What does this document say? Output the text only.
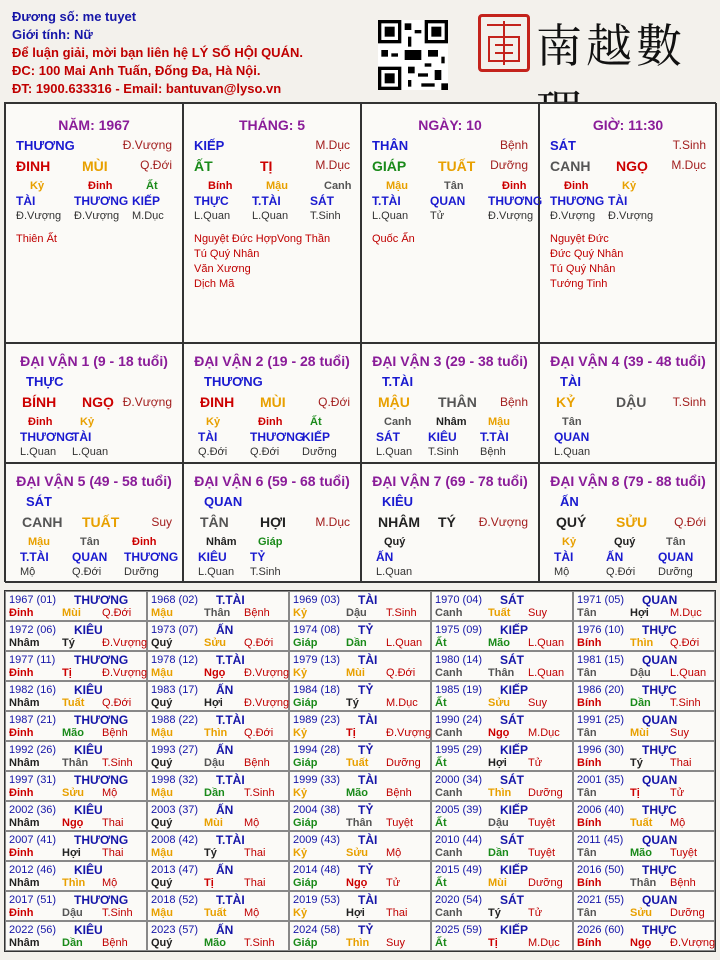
Đương số: me tuyet
Giới tính: Nữ
Để luận giải, mời bạn liên hệ LÝ SỐ HỘI QUÁN.
ĐC: 100 Mai Anh Tuấn, Đống Đa, Hà Nội.
ĐT: 1900.633316 - Email: bantuvan@lyso.vn
南越數
NĂM: 1967
THƯƠNG	Đ.Vượng
ĐINH MÙI	Q.Đới
Kỷ
TÀI
Đ.Vượng
Đinh
THƯƠNG
Đ.Vượng
Ất
KIẾP
M.Dục
Thiên Ất
THÁNG: 5
KIẾP	M.Dục
ẤT	TỊ	M.Dục
Bính
THỰC
L.Quan
Mậu
T.TÀI
L.Quan
Canh
SÁT
T.Sinh
Nguyệt Đức HợpVong Thần
Tú Quý Nhân
Văn Xương
Dịch Mã
NGÀY: 10
THÂN	Bệnh
GIÁP TUẤT Dưỡng
Mậu
T.TÀI
L.Quan
Tân
QUAN
Tử
Đinh
THƯƠNG
Đ.Vượng
Quốc Ấn
GIỜ: 11:30
SÁT	T.Sinh
CANH NGỌ M.Dục
Đinh
THƯƠNG
Đ.Vượng
Kỷ
TÀI
Đ.Vượng
Nguyệt Đức
Đức Quý Nhân
Tú Quý Nhân
Tướng Tinh
ĐẠI VẬN 1 (9 - 18 tuổi)
THỰC
BÍNH NGỌ Đ.Vượng
Đinh
THƯƠNG
L.Quan
Kỷ
TÀI
L.Quan
ĐẠI VẬN 2 (19 - 28 tuổi)
THƯƠNG
ĐINH MÙI	Q.Đới
Kỷ
TÀI
Q.Đới
Đinh
THƯƠNG
Q.Đới
Ất
KIẾP
Dưỡng
ĐẠI VẬN 3 (29 - 38 tuổi)
T.TÀI
MẬU THÂN Bệnh
Canh
SÁT
L.Quan
Nhâm
KIÊU
T.Sinh
Mậu
T.TÀI
Bệnh
ĐẠI VẬN 4 (39 - 48 tuổi)
TÀI
KỶ	DẬU T.Sinh
Tân
QUAN
L.Quan
ĐẠI VẬN 5 (49 - 58 tuổi)
SÁT
CANH TUẤT	Suy
Mậu
T.TÀI
Mộ
Tân
QUAN
Q.Đới
Đinh
THƯƠNG
Dưỡng
ĐẠI VẬN 6 (59 - 68 tuổi)
QUAN
TÂN HỢI M.Dục
Nhâm
KIÊU
L.Quan
Giáp
TỶ
T.Sinh
ĐẠI VẬN 7 (69 - 78 tuổi)
KIÊU
NHÂM TÝ Đ.Vượng
Quý
ẤN
L.Quan
ĐẠI VẬN 8 (79 - 88 tuổi)
ẤN
QUÝ SỬU Q.Đới
Kỷ
TÀI
Mộ
Quý
ẤN
Q.Đới
Tân
QUAN
Dưỡng
1967 (01) THƯƠNG
Đinh	Mùi Q.Đới
1968 (02) T.TÀI
Mậu	Thân Bệnh
1969 (03) TÀI
Kỷ	Dậu T.Sinh
1970 (04) SÁT
Canh Tuất Suy
1971 (05) QUAN
Tân	Hợi M.Dục
1972 (06) KIÊU
Nhâm Tý Đ.Vượng
1973 (07) ẤN
Quý	Sửu Q.Đới
1974 (08) TỶ
Giáp	Dần L.Quan
1975 (09) KIẾP
Ất	Mão L.Quan
1976 (10) THỰC
Bính	Thìn Q.Đới
1977 (11) THƯƠNG
Đinh	Tị	Đ.Vượng
1978 (12) T.TÀI
Mậu	Ngọ Đ.Vượng
1979 (13) TÀI
Kỷ	Mùi Q.Đới
1980 (14) SÁT
Canh Thân L.Quan
1981 (15) QUAN
Tân	Dậu L.Quan
1982 (16) KIÊU
Nhâm Tuất Q.Đới
1983 (17) ẤN
Quý	Hợi Đ.Vượng
1984 (18) TỶ
Giáp	Tý M.Dục
1985 (19) KIẾP
Ất	Sửu Suy
1986 (20) THỰC
Bính	Dần T.Sinh
1987 (21) THƯƠNG
Đinh	Mão Bệnh
1988 (22) T.TÀI
Mậu	Thìn Q.Đới
1989 (23) TÀI
Kỷ	Tị	Đ.Vượng
1990 (24) SÁT
Canh Ngọ M.Dục
1991 (25) QUAN
Tân	Mùi Suy
1992 (26) KIÊU
Nhâm Thân T.Sinh
1993 (27) ẤN
Quý	Dậu Bệnh
1994 (28) TỶ
Giáp	Tuất Dưỡng
1995 (29) KIẾP
Ất	Hợi Tử
1996 (30) THỰC
Bính	Tý Thai
1997 (31) THƯƠNG
Đinh	Sửu Mộ
1998 (32) T.TÀI
Mậu	Dần T.Sinh
1999 (33) TÀI
Kỷ	Mão Bệnh
2000 (34) SÁT
Canh Thìn Dưỡng
2001 (35) QUAN
Tân	Tị	Tử
2002 (36) KIÊU
Nhâm Ngọ Thai
2003 (37) ẤN
Quý	Mùi Mộ
2004 (38) TỶ
Giáp	Thân Tuyệt
2005 (39) KIẾP
Ất	Dậu Tuyệt
2006 (40) THỰC
Bính	Tuất Mộ
2007 (41) THƯƠNG
Đinh	Hợi Thai
2008 (42) T.TÀI
Mậu	Tý Thai
2009 (43) TÀI
Kỷ	Sửu Mộ
2010 (44) SÁT
Canh Dần Tuyệt
2011 (45) QUAN
Tân	Mão Tuyệt
2012 (46) KIÊU
Nhâm Thìn Mộ
2013 (47) ẤN
Quý	Tị	Thai
2014 (48) TỶ
Giáp	Ngọ Tử
2015 (49) KIẾP
Ất	Mùi Dưỡng
2016 (50) THỰC
Bính	Thân Bệnh
2017 (51) THƯƠNG
Đinh	Dậu T.Sinh
2018 (52) T.TÀI
Mậu	Tuất Mộ
2019 (53) TÀI
Kỷ	Hợi Thai
2020 (54) SÁT
Canh Tý Tử
2021 (55) QUAN
Tân	Sửu Dưỡng
2022 (56) KIÊU
Nhâm Dần Bệnh
2023 (57) ẤN
Quý	Mão T.Sinh
2024 (58) TỶ
Giáp	Thìn Suy
2025 (59) KIẾP
Ất	Tị	M.Dục
2026 (60) THỰC
Bính	Ngọ Đ.Vượng
